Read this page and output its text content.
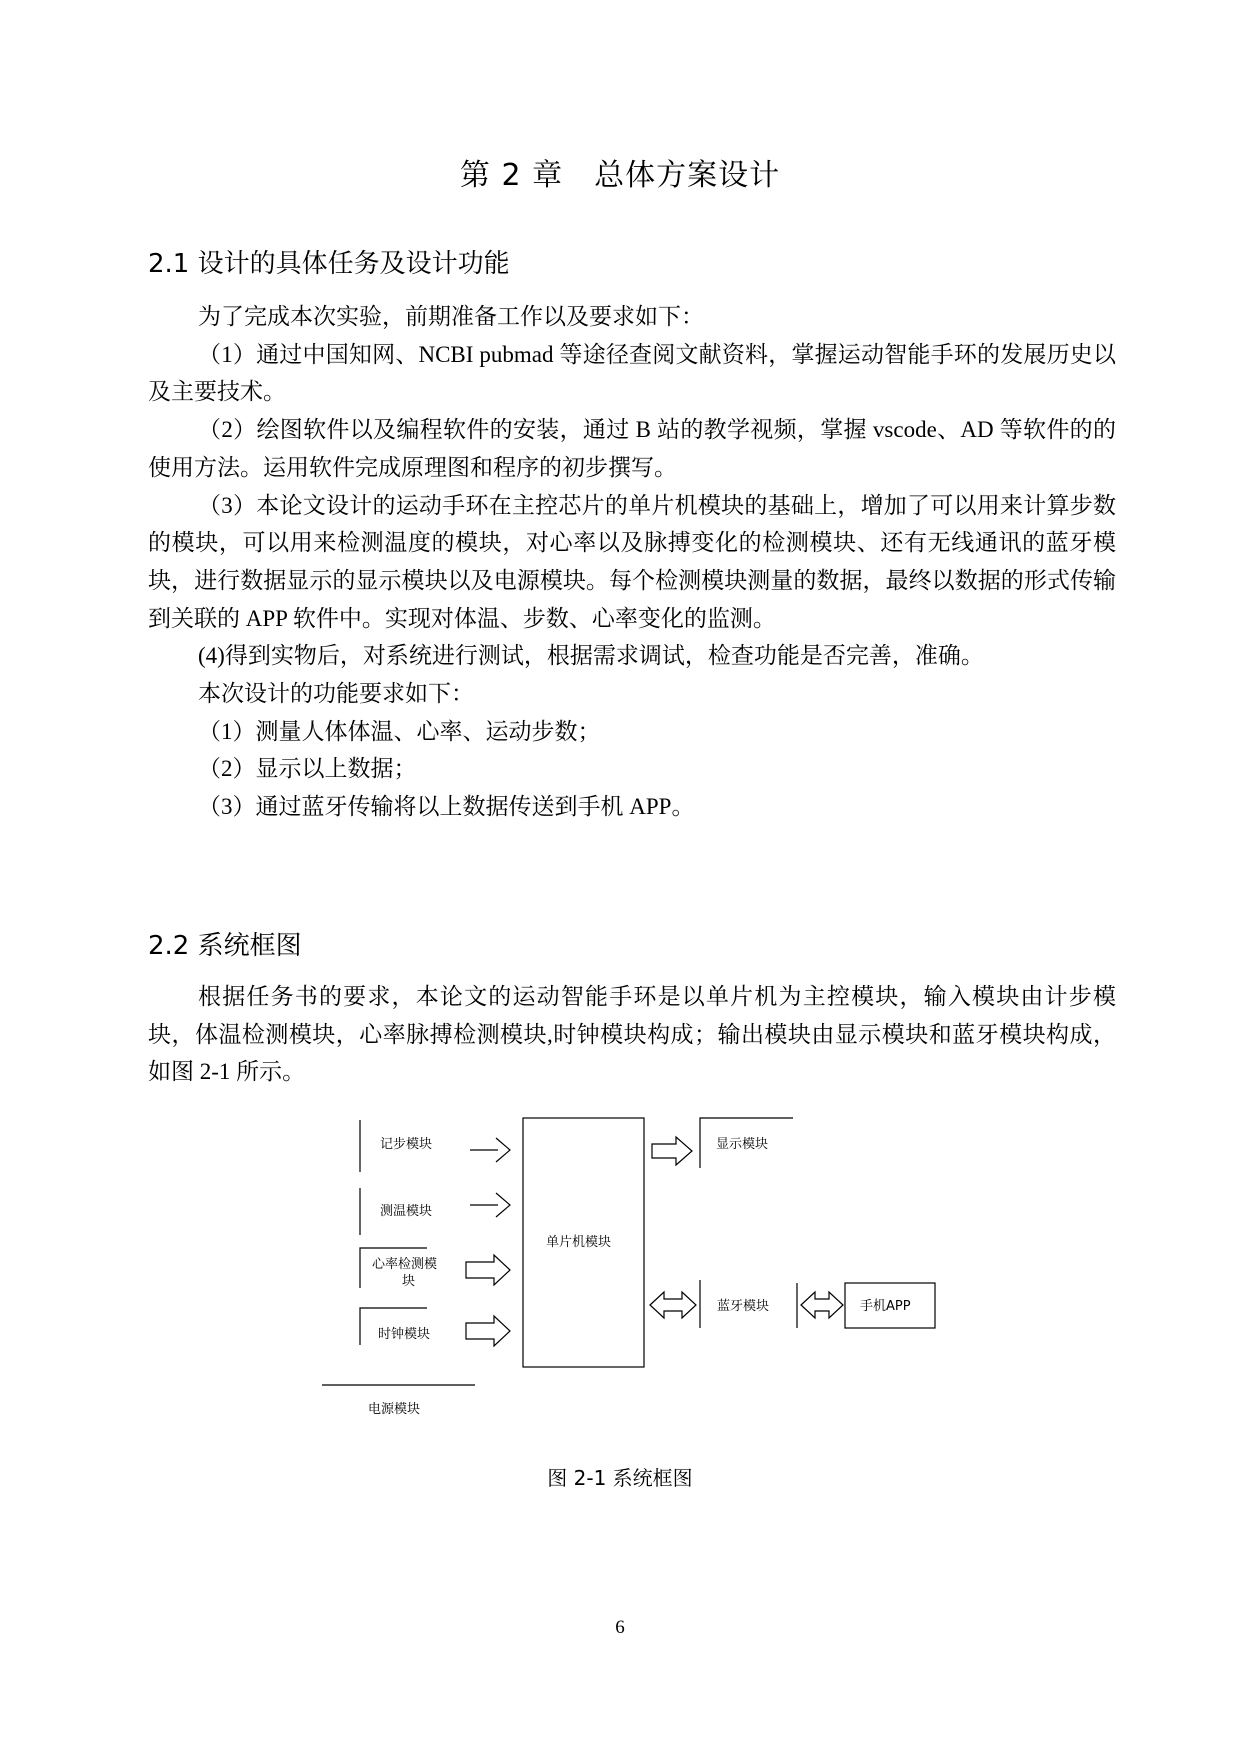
第 2 章　总体方案设计
2.1 设计的具体任务及设计功能

为了完成本次实验，前期准备工作以及要求如下：

（1）通过中国知网、NCBI pubmad 等途径查阅文献资料，掌握运动智能手环的发展历史以及主要技术。

（2）绘图软件以及编程软件的安装，通过 B 站的教学视频，掌握 vscode、AD 等软件的的使用方法。运用软件完成原理图和程序的初步撰写。

（3）本论文设计的运动手环在主控芯片的单片机模块的基础上，增加了可以用来计算步数的模块，可以用来检测温度的模块，对心率以及脉搏变化的检测模块、还有无线通讯的蓝牙模块，进行数据显示的显示模块以及电源模块。每个检测模块测量的数据，最终以数据的形式传输到关联的 APP 软件中。实现对体温、步数、心率变化的监测。

(4)得到实物后，对系统进行测试，根据需求调试，检查功能是否完善，准确。

本次设计的功能要求如下：

（1）测量人体体温、心率、运动步数；

（2）显示以上数据；

（3）通过蓝牙传输将以上数据传送到手机 APP。

2.2 系统框图

根据任务书的要求，本论文的运动智能手环是以单片机为主控模块，输入模块由计步模块，体温检测模块，心率脉搏检测模块,时钟模块构成；输出模块由显示模块和蓝牙模块构成，如图 2-1 所示。

记步模块
测温模块
心率检测模
块
时钟模块
单片机模块
显示模块
蓝牙模块	手机APP
电源模块
图 2-1 系统框图
6
